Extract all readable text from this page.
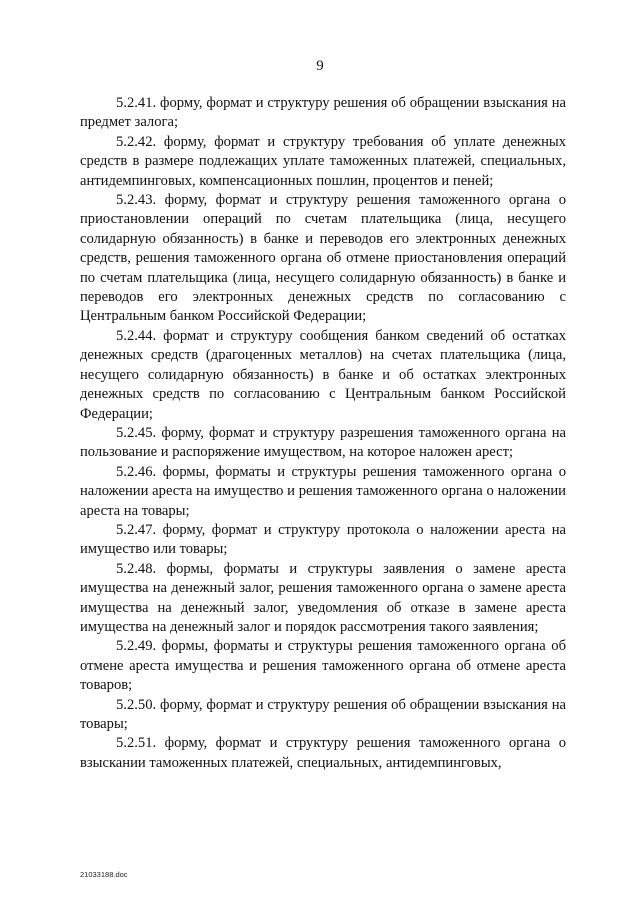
9

5.2.41. форму, формат и структуру решения об обращении взыскания на предмет залога;

5.2.42. форму, формат и структуру требования об уплате денежных средств в размере подлежащих уплате таможенных платежей, специальных, антидемпинговых, компенсационных пошлин, процентов и пеней;

5.2.43. форму, формат и структуру решения таможенного органа о приостановлении операций по счетам плательщика (лица, несущего солидарную обязанность) в банке и переводов его электронных денежных средств, решения таможенного органа об отмене приостановления операций по счетам плательщика (лица, несущего солидарную обязанность) в банке и переводов его электронных денежных средств по согласованию с Центральным банком Российской Федерации;

5.2.44. формат и структуру сообщения банком сведений об остатках денежных средств (драгоценных металлов) на счетах плательщика (лица, несущего солидарную обязанность) в банке и об остатках электронных денежных средств по согласованию с Центральным банком Российской Федерации;

5.2.45. форму, формат и структуру разрешения таможенного органа на пользование и распоряжение имуществом, на которое наложен арест;

5.2.46. формы, форматы и структуры решения таможенного органа о наложении ареста на имущество и решения таможенного органа о наложении ареста на товары;

5.2.47. форму, формат и структуру протокола о наложении ареста на имущество или товары;

5.2.48. формы, форматы и структуры заявления о замене ареста имущества на денежный залог, решения таможенного органа о замене ареста имущества на денежный залог, уведомления об отказе в замене ареста имущества на денежный залог и порядок рассмотрения такого заявления;

5.2.49. формы, форматы и структуры решения таможенного органа об отмене ареста имущества и решения таможенного органа об отмене ареста товаров;

5.2.50. форму, формат и структуру решения об обращении взыскания на товары;

5.2.51. форму, формат и структуру решения таможенного органа о взыскании таможенных платежей, специальных, антидемпинговых,

21033188.doc
